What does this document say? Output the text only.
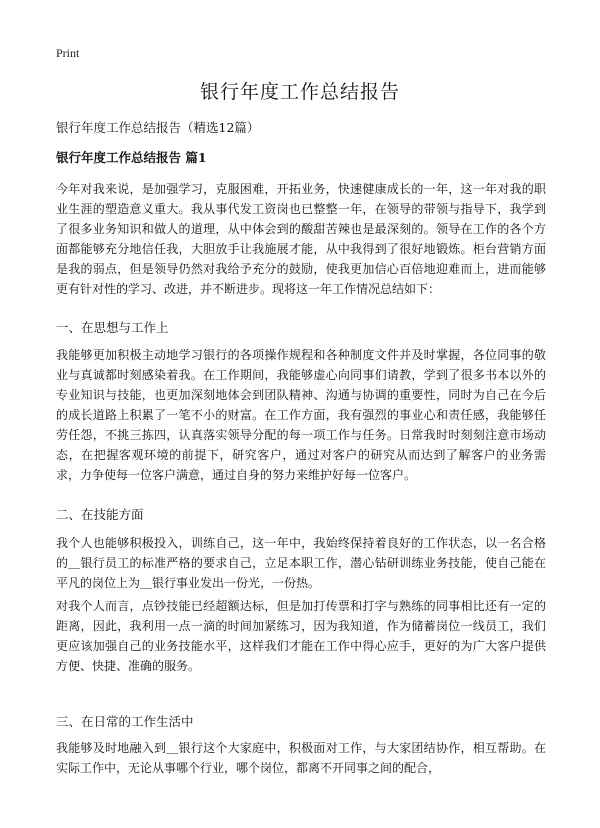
Print
银行年度工作总结报告

银行年度工作总结报告（精选12篇）

银行年度工作总结报告 篇1

今年对我来说，是加强学习，克服困难，开拓业务，快速健康成长的一年，这一年对我的职业生涯的塑造意义重大。我从事代发工资岗也已整整一年，在领导的带领与指导下，我学到了很多业务知识和做人的道理，从中体会到的酸甜苦辣也是最深刻的。领导在工作的各个方面都能够充分地信任我，大胆放手让我施展才能，从中我得到了很好地锻炼。柜台营销方面是我的弱点，但是领导仍然对我给予充分的鼓励，使我更加信心百倍地迎难而上，进而能够更有针对性的学习、改进，并不断进步。现将这一年工作情况总结如下：

一、在思想与工作上

我能够更加积极主动地学习银行的各项操作规程和各种制度文件并及时掌握，各位同事的敬业与真诚都时刻感染着我。在工作期间，我能够虚心向同事们请教，学到了很多书本以外的专业知识与技能，也更加深刻地体会到团队精神、沟通与协调的重要性，同时为自己在今后的成长道路上积累了一笔不小的财富。在工作方面，我有强烈的事业心和责任感，我能够任劳任怨，不挑三拣四，认真落实领导分配的每一项工作与任务。日常我时时刻刻注意市场动态，在把握客观环境的前提下，研究客户，通过对客户的研究从而达到了解客户的业务需求，力争使每一位客户满意，通过自身的努力来维护好每一位客户。

二、在技能方面

我个人也能够积极投入，训练自己，这一年中，我始终保持着良好的工作状态，以一名合格的＿银行员工的标准严格的要求自己，立足本职工作，潜心钻研训练业务技能，使自己能在平凡的岗位上为＿银行事业发出一份光，一份热。

对我个人而言，点钞技能已经超额达标，但是加打传票和打字与熟练的同事相比还有一定的距离，因此，我利用一点一滴的时间加紧练习，因为我知道，作为储蓄岗位一线员工，我们更应该加强自己的业务技能水平，这样我们才能在工作中得心应手，更好的为广大客户提供方便、快捷、准确的服务。

三、在日常的工作生活中

我能够及时地融入到＿银行这个大家庭中，积极面对工作，与大家团结协作，相互帮助。在实际工作中，无论从事哪个行业，哪个岗位，都离不开同事之间的配合，
